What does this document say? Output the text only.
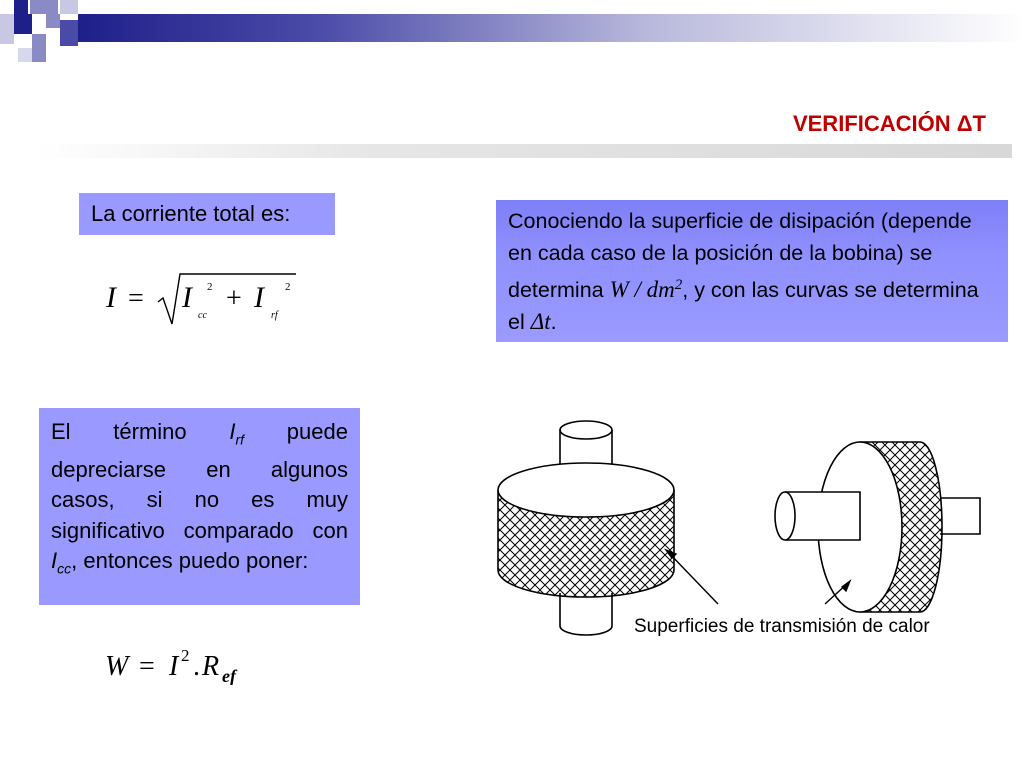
VERIFICACIÓN ΔT
La corriente total es:
I = I 2
cc
+ I 2
rf
Conociendo la superficie de disipación (depende en cada caso de la posición de la bobina) se determina W / $dm^2$, y con las curvas se determina el Δt.
El término $I_{rf}$ puede depreciarse en algunos casos, si no es muy significativo comparado con $I_{cc}$, entonces puedo poner:
W = I 2 . R ef
Superficies de transmisión de calor
